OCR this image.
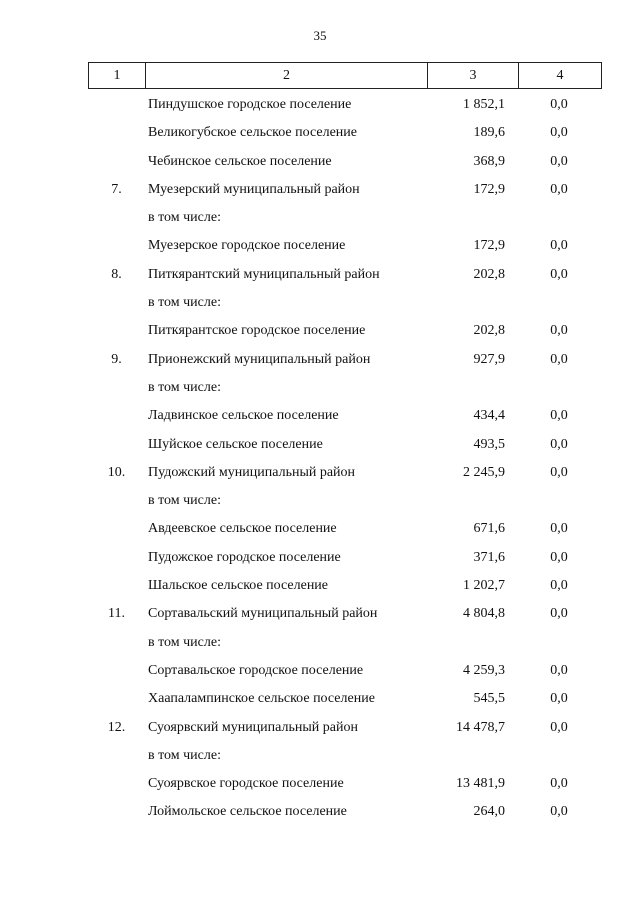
35
1	2	3	4
Пиндушское городское поселение	1 852,1	0,0
Великогубское сельское поселение	189,6	0,0
Чебинское сельское поселение	368,9	0,0
7.	Муезерский муниципальный район	172,9	0,0
в том числе:
Муезерское городское поселение	172,9	0,0
8.	Питкярантский муниципальный район	202,8	0,0
в том числе:
Питкярантское городское поселение	202,8	0,0
9.	Прионежский муниципальный район	927,9	0,0
в том числе:
Ладвинское сельское поселение	434,4	0,0
Шуйское сельское поселение	493,5	0,0
10.	Пудожский муниципальный район	2 245,9	0,0
в том числе:
Авдеевское сельское поселение	671,6	0,0
Пудожское городское поселение	371,6	0,0
Шальское сельское поселение	1 202,7	0,0
11.	Сортавальский муниципальный район	4 804,8	0,0
в том числе:
Сортавальское городское поселение	4 259,3	0,0
Хаапалампинское сельское поселение	545,5	0,0
12.	Суоярвский муниципальный район	14 478,7	0,0
в том числе:
Суоярвское городское поселение	13 481,9	0,0
Лоймольское сельское поселение	264,0	0,0
